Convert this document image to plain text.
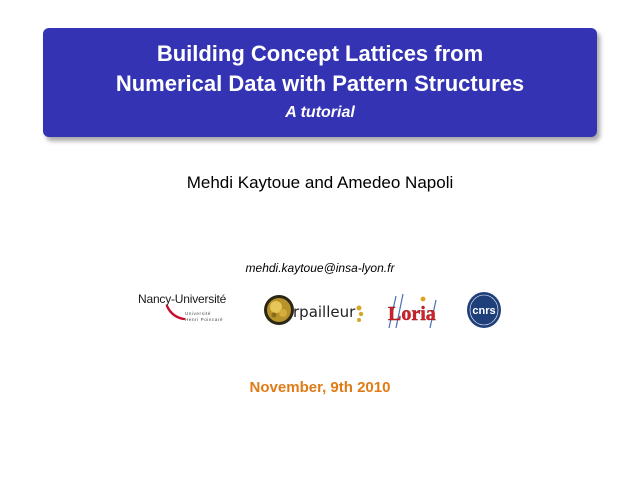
Building Concept Lattices from
Numerical Data with Pattern Structures
A tutorial
Mehdi Kaytoue and Amedeo Napoli
mehdi.kaytoue@insa-lyon.fr
Nancy-Université
Université
Henri Poincaré	rpailleur Loria	cnrs
November, 9th 2010
